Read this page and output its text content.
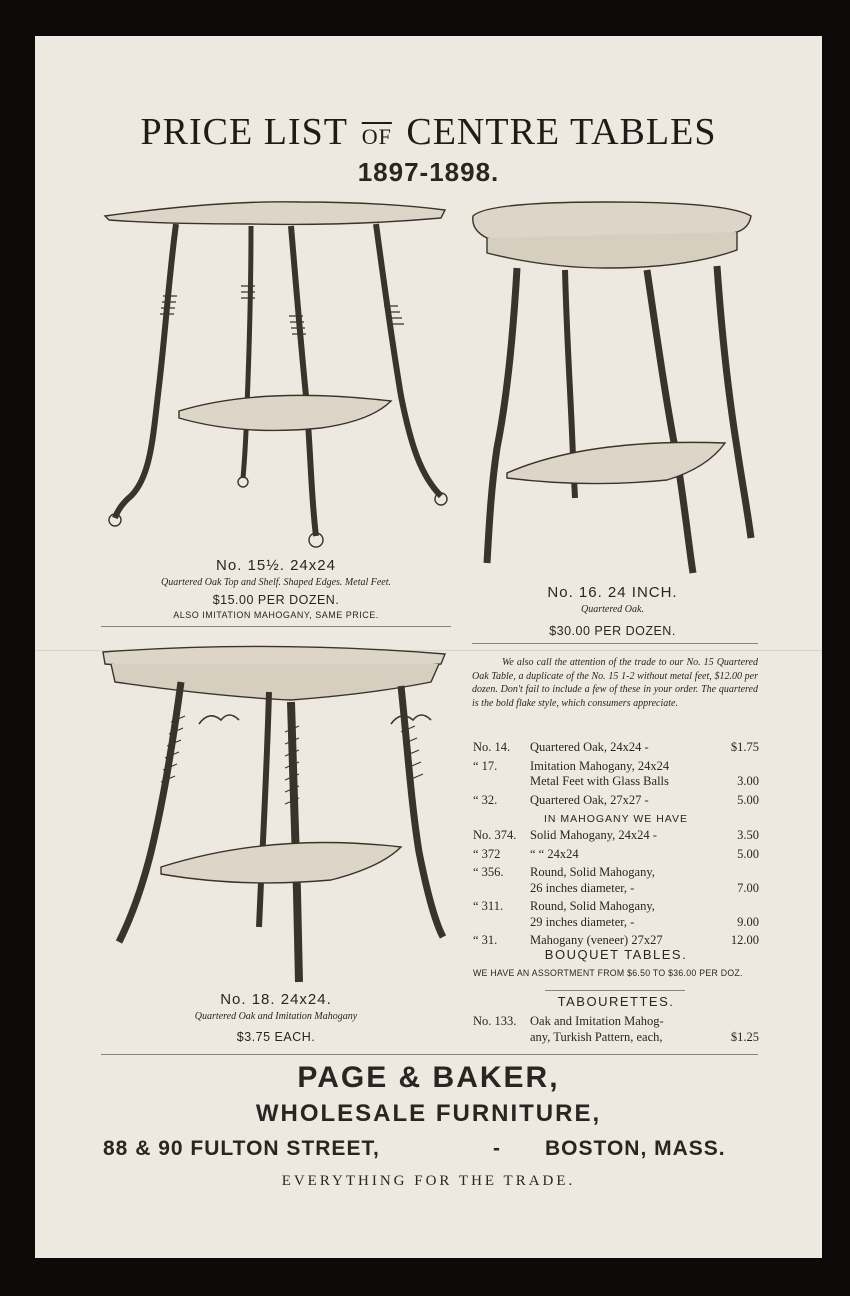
PRICE LIST $\overline{OF}$ CENTRE TABLES
1897-1898.
No. 15½. 24x24
Quartered Oak Top and Shelf. Shaped Edges. Metal Feet.
$15.00 PER DOZEN.
ALSO IMITATION MAHOGANY, SAME PRICE.
No. 16. 24 INCH.
Quartered Oak.
$30.00 PER DOZEN.
We also call the attention of the trade to our No. 15 Quartered Oak Table, a duplicate of the No. 15 1-2 without metal feet, $12.00 per dozen. Don't fail to include a few of these in your order. The quartered is the bold flake style, which consumers appreciate.
No. 14.	Quartered Oak, 24x24 -	$1.75
“ 17.	Imitation Mahogany, 24x24
Metal Feet with Glass Balls	3.00
“ 32.	Quartered Oak, 27x27 -	5.00
IN MAHOGANY WE HAVE
No. 374.	Solid Mahogany, 24x24 -	3.50
“ 372	“ “ 24x24	5.00
“ 356.	Round, Solid Mahogany,
26 inches diameter, -	7.00
“ 311.	Round, Solid Mahogany,
29 inches diameter, -	9.00
“ 31.	Mahogany (veneer) 27x27	12.00
BOUQUET TABLES.
WE HAVE AN ASSORTMENT FROM $6.50 TO $36.00 PER DOZ.
TABOURETTES.
No. 133.	Oak and Imitation Mahog-
any, Turkish Pattern, each,	$1.25
No. 18. 24x24.
Quartered Oak and Imitation Mahogany
$3.75 EACH.
PAGE & BAKER,
WHOLESALE FURNITURE,
88 & 90 FULTON STREET,	- BOSTON, MASS.
EVERYTHING FOR THE TRADE.
